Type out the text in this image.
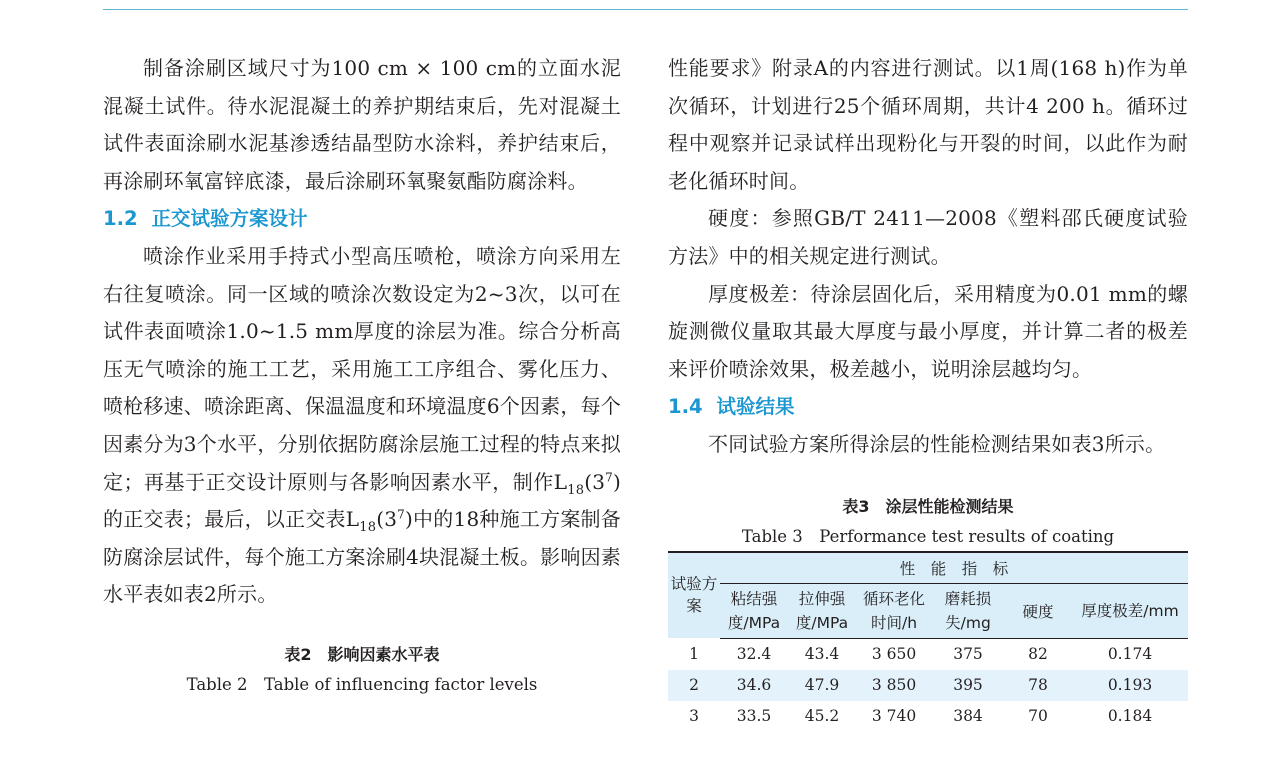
制备涂刷区域尺寸为100 cm × 100 cm的立面水泥混凝土试件。待水泥混凝土的养护期结束后，先对混凝土试件表面涂刷水泥基渗透结晶型防水涂料，养护结束后，再涂刷环氧富锌底漆，最后涂刷环氧聚氨酯防腐涂料。

1.2 正交试验方案设计

喷涂作业采用手持式小型高压喷枪，喷涂方向采用左右往复喷涂。同一区域的喷涂次数设定为2~3次，以可在试件表面喷涂1.0~1.5 mm厚度的涂层为准。综合分析高压无气喷涂的施工工艺，采用施工工序组合、雾化压力、喷枪移速、喷涂距离、保温温度和环境温度6个因素，每个因素分为3个水平，分别依据防腐涂层施工过程的特点来拟定；再基于正交设计原则与各影响因素水平，制作$L_{18}(3^7)$的正交表；最后，以正交表$L_{18}(3^7)$中的18种施工方案制备防腐涂层试件，每个施工方案涂刷4块混凝土板。影响因素水平表如表2所示。

表2　影响因素水平表

Table 2　Table of influencing factor levels

性能要求》附录A的内容进行测试。以1周(168 h)作为单次循环，计划进行25个循环周期，共计4 200 h。循环过程中观察并记录试样出现粉化与开裂的时间，以此作为耐老化循环时间。

硬度：参照GB/T 2411—2008《塑料邵氏硬度试验方法》中的相关规定进行测试。

厚度极差：待涂层固化后，采用精度为0.01 mm的螺旋测微仪量取其最大厚度与最小厚度，并计算二者的极差来评价喷涂效果，极差越小，说明涂层越均匀。

1.4 试验结果

不同试验方案所得涂层的性能检测结果如表3所示。

表3　涂层性能检测结果

Table 3　Performance test results of coating

试验方案	性　能　指　标					
	粘结强度/MPa	拉伸强度/MPa	循环老化时间/h	磨耗损失/mg	硬度	厚度极差/mm
1	32.4	43.4	3 650	375	82	0.174
2	34.6	47.9	3 850	395	78	0.193
3	33.5	45.2	3 740	384	70	0.184
